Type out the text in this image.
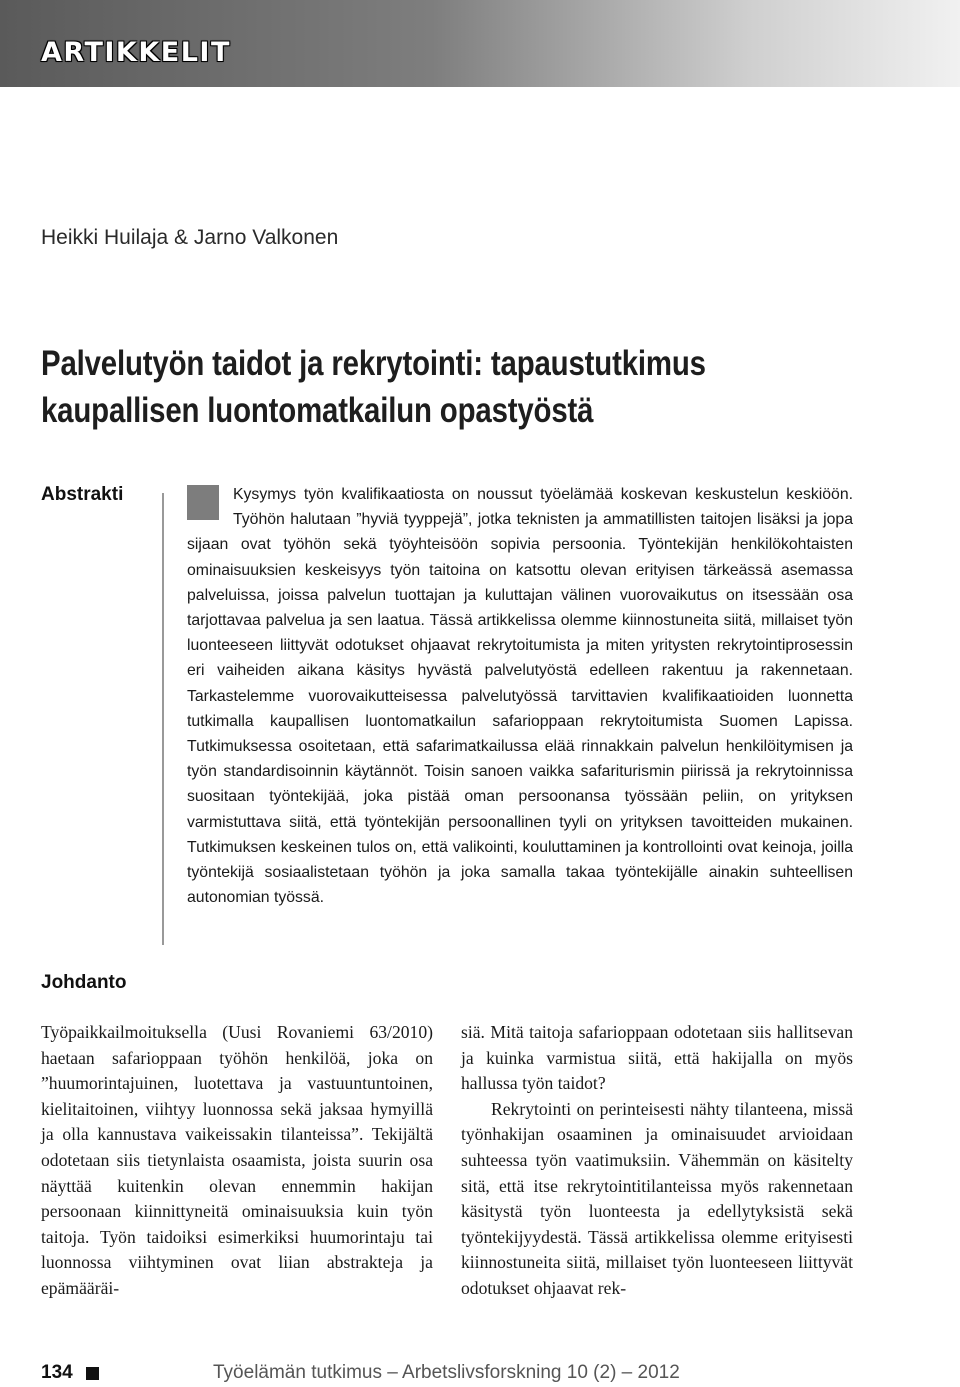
ARTIKKELIT

Heikki Huilaja & Jarno Valkonen

Palvelutyön taidot ja rekrytointi: tapaustutkimus
kaupallisen luontomatkailun opastyöstä
Abstrakti	Kysymys työn kvalifikaatiosta on noussut työelämää koskevan keskustelun keskiöön. Työhön halutaan ”hyviä tyyppejä”, jotka teknisten ja ammatillisten taitojen lisäksi ja jopa sijaan ovat työhön sekä työyhteisöön sopivia persoonia. Työntekijän henkilökohtaisten ominaisuuksien keskeisyys työn taitoina on katsottu olevan erityisen tärkeässä asemassa palveluissa, joissa palvelun tuottajan ja kuluttajan välinen vuorovaikutus on itsessään osa tarjottavaa palvelua ja sen laatua. Tässä artikkelissa olemme kiinnostuneita siitä, millaiset työn luonteeseen liittyvät odotukset ohjaavat rekrytoitumista ja miten yritysten rekrytointiprosessin eri vaiheiden aikana käsitys hyvästä palvelutyöstä edelleen rakentuu ja rakennetaan. Tarkastelemme vuorovaikutteisessa palvelutyössä tarvittavien kvalifikaatioiden luonnetta tutkimalla kaupallisen luontomatkailun safarioppaan rekrytoitumista Suomen Lapissa. Tutkimuksessa osoitetaan, että safarimatkailussa elää rinnakkain palvelun henkilöitymisen ja työn standardisoinnin käytännöt. Toisin sanoen vaikka safariturismin piirissä ja rekrytoinnissa suositaan työntekijää, joka pistää oman persoonansa työssään peliin, on yrityksen varmistuttava siitä, että työntekijän persoonallinen tyyli on yrityksen tavoitteiden mukainen. Tutkimuksen keskeinen tulos on, että valikointi, kouluttaminen ja kontrollointi ovat keinoja, joilla työntekijä sosiaalistetaan työhön ja joka samalla takaa työntekijälle ainakin suhteellisen autonomian työssä.

Johdanto

Työpaikkailmoituksella (Uusi Rovaniemi 63/2010) haetaan safarioppaan työhön henkilöä, joka on ”huumorintajuinen, luotettava ja vastuuntuntoinen, kielitaitoinen, viihtyy luonnossa sekä jaksaa hymyillä ja olla kannustava vaikeissakin tilanteissa”. Tekijältä odotetaan siis tietynlaista osaamista, joista suurin osa näyttää kuitenkin olevan ennemmin hakijan persoonaan kiinnittyneitä ominaisuuksia kuin työn taitoja. Työn taidoiksi esimerkiksi huumorintaju tai luonnossa viihtyminen ovat liian abstrakteja ja epämääräi-

siä. Mitä taitoja safarioppaan odotetaan siis hallitsevan ja kuinka varmistua siitä, että hakijalla on myös hallussa työn taidot?

Rekrytointi on perinteisesti nähty tilanteena, missä työnhakijan osaaminen ja ominaisuudet arvioidaan suhteessa työn vaatimuksiin. Vähemmän on käsitelty sitä, että itse rekrytointitilanteissa myös rakennetaan käsitystä työn luonteesta ja edellytyksistä sekä työntekijyydestä. Tässä artikkelissa olemme erityisesti kiinnostuneita siitä, millaiset työn luonteeseen liittyvät odotukset ohjaavat rek-

134	Työelämän tutkimus – Arbetslivsforskning 10 (2) – 2012
